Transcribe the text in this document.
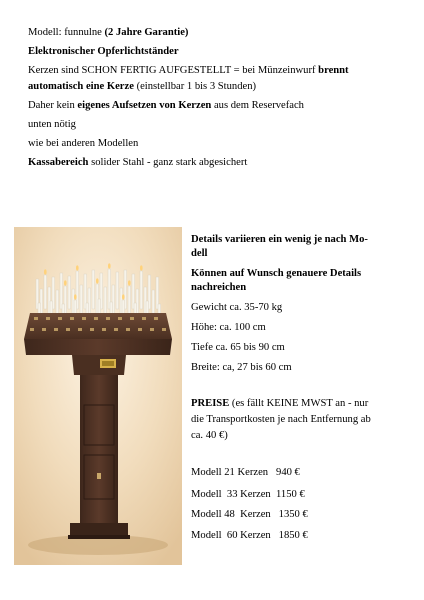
Modell: funnulne (2 Jahre Garantie)
Elektronischer Opferlichtständer
Kerzen sind SCHON FERTIG AUFGESTELLT = bei Münzeinwurf brennt
automatisch eine Kerze (einstellbar 1 bis 3 Stunden)
Daher kein eigenes Aufsetzen von Kerzen aus dem Reservefach
unten nötig
wie bei anderen Modellen
Kassabereich solider Stahl - ganz stark abgesichert
Details variieren ein wenig je nach Mo-
dell
Können auf Wunsch genauere Details
nachreichen
Gewicht ca. 35-70 kg
Höhe: ca. 100 cm
Tiefe ca. 65 bis 90 cm
Breite: ca, 27 bis 60 cm
PREISE (es fällt KEINE MWST an - nur
die Transportkosten je nach Entfernung ab
ca. 40 €)
Modell 21 Kerzen   940 €
Modell  33 Kerzen  1150 €
Modell 48  Kerzen   1350 €
Modell  60 Kerzen   1850 €
